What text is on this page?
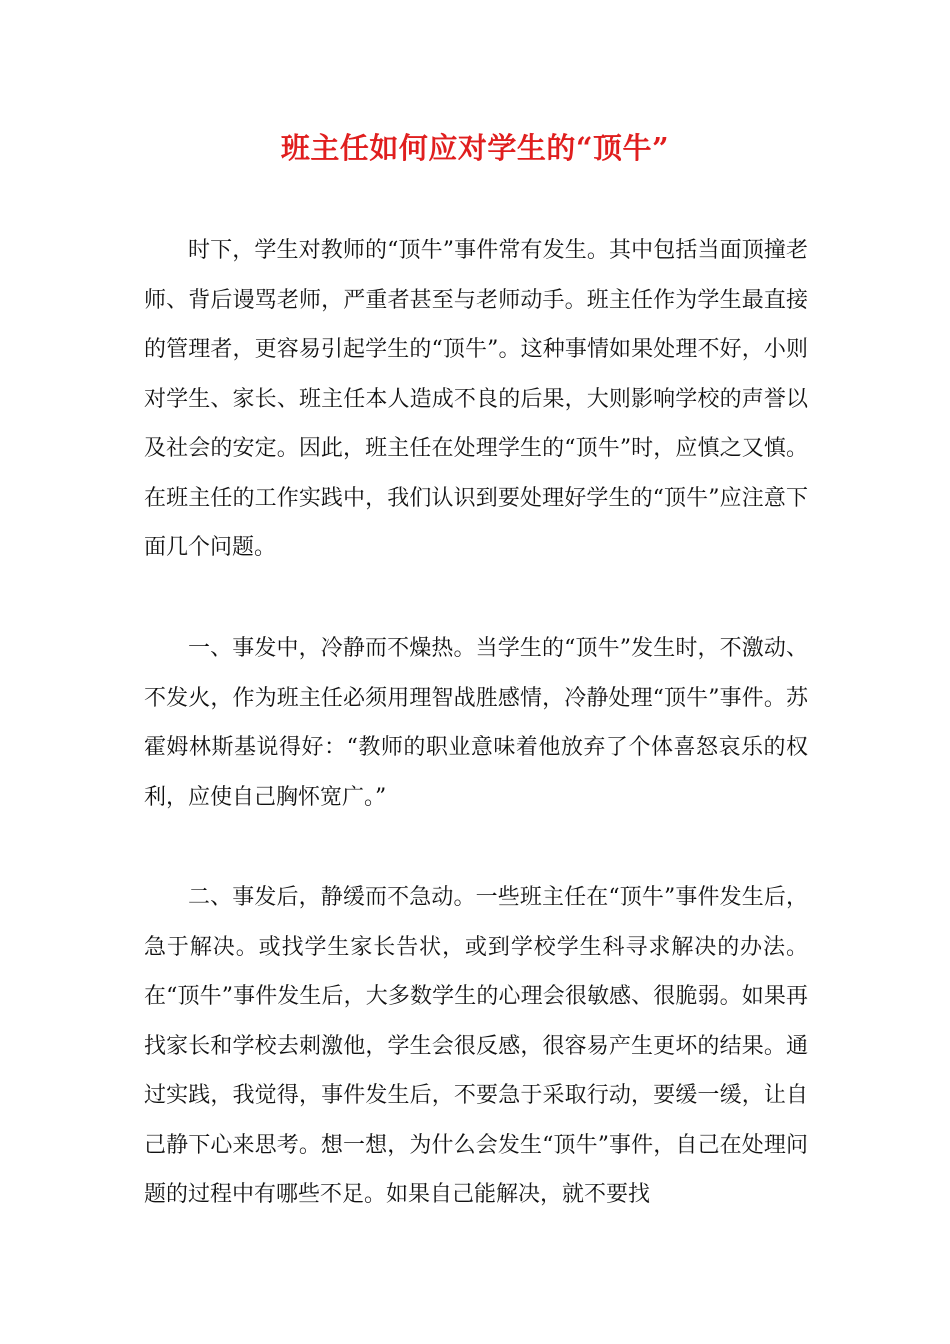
班主任如何应对学生的“顶牛”

时下，学生对教师的“顶牛”事件常有发生。其中包括当面顶撞老师、背后谩骂老师，严重者甚至与老师动手。班主任作为学生最直接的管理者，更容易引起学生的“顶牛”。这种事情如果处理不好，小则对学生、家长、班主任本人造成不良的后果，大则影响学校的声誉以及社会的安定。因此，班主任在处理学生的“顶牛”时，应慎之又慎。在班主任的工作实践中，我们认识到要处理好学生的“顶牛”应注意下面几个问题。

一、事发中，冷静而不燥热。当学生的“顶牛”发生时，不激动、不发火，作为班主任必须用理智战胜感情，冷静处理“顶牛”事件。苏霍姆林斯基说得好：“教师的职业意味着他放弃了个体喜怒哀乐的权利，应使自己胸怀宽广。”

二、事发后，静缓而不急动。一些班主任在“顶牛”事件发生后，急于解决。或找学生家长告状，或到学校学生科寻求解决的办法。在“顶牛”事件发生后，大多数学生的心理会很敏感、很脆弱。如果再找家长和学校去刺激他，学生会很反感，很容易产生更坏的结果。通过实践，我觉得，事件发生后，不要急于采取行动，要缓一缓，让自己静下心来思考。想一想，为什么会发生“顶牛”事件，自己在处理问题的过程中有哪些不足。如果自己能解决，就不要找
